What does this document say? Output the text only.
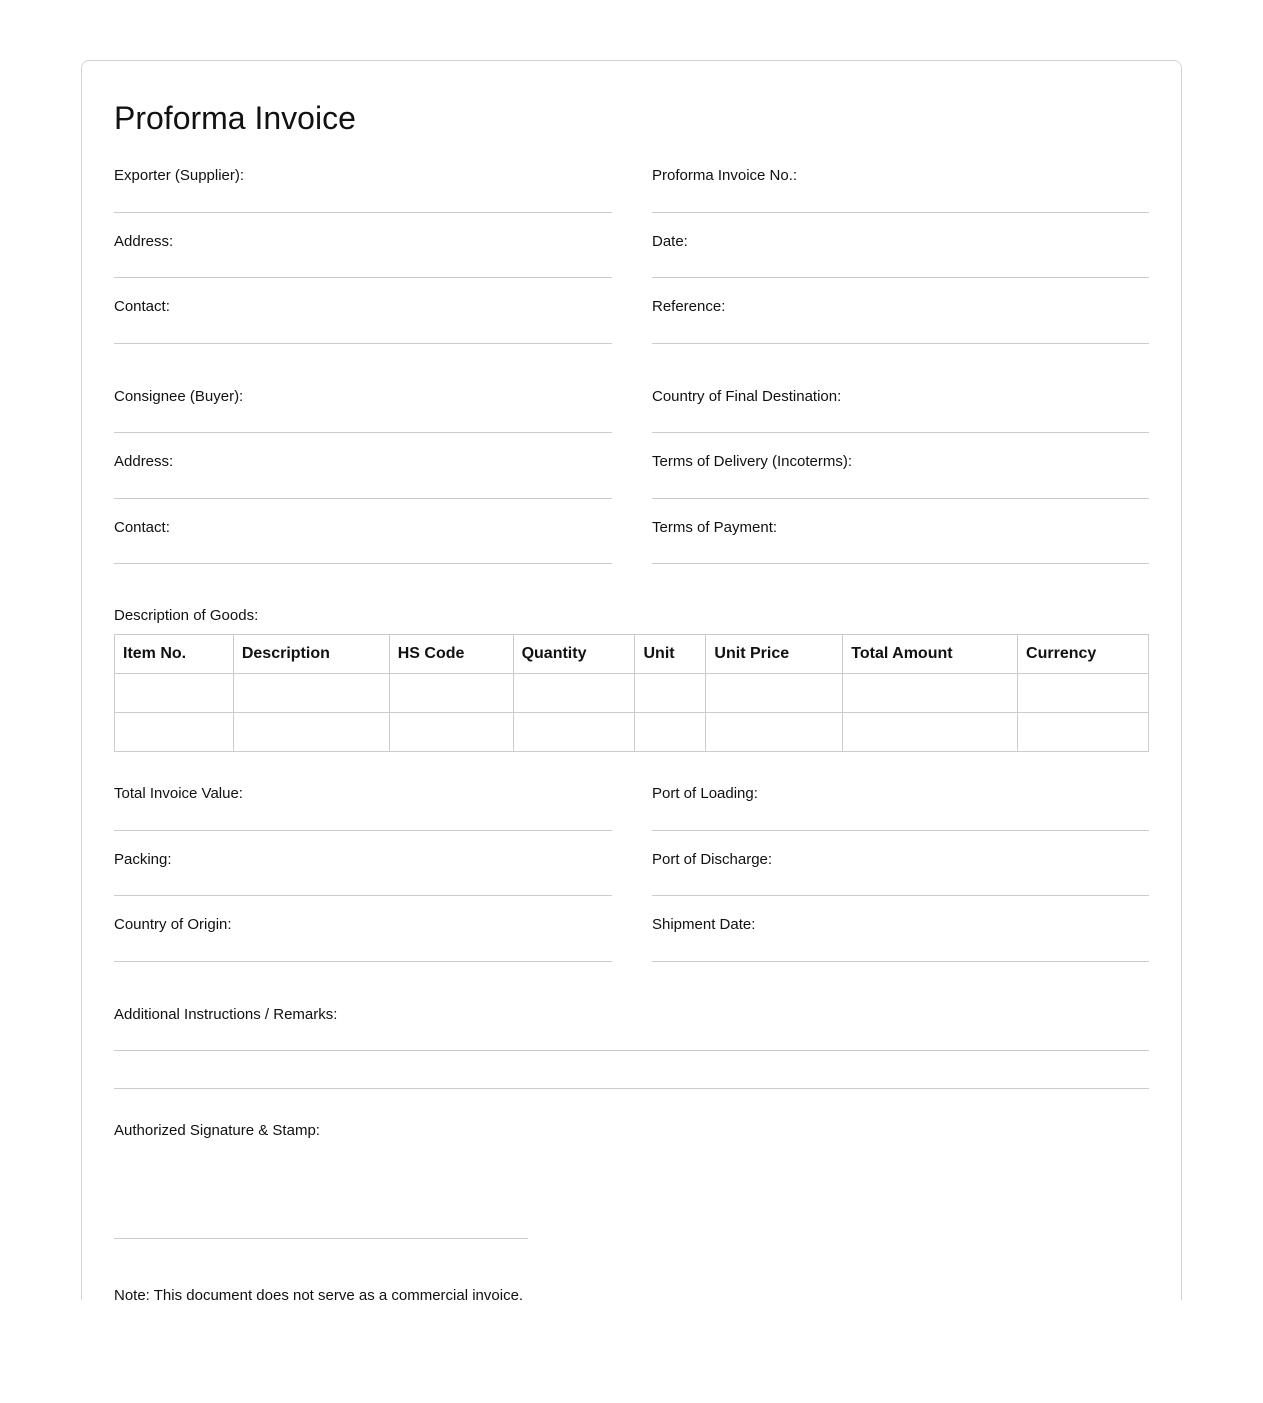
Proforma Invoice
Exporter (Supplier):	Proforma Invoice No.:
Address:	Date:
Contact:	Reference:
Consignee (Buyer):	Country of Final Destination:
Address:	Terms of Delivery (Incoterms):
Contact:	Terms of Payment:
Description of Goods:
Item No.	Description	HS Code	Quantity	Unit	Unit Price	Total Amount	Currency

Total Invoice Value:	Port of Loading:
Packing:	Port of Discharge:
Country of Origin:	Shipment Date:
Additional Instructions / Remarks:
Authorized Signature & Stamp:
Note: This document does not serve as a commercial invoice.
